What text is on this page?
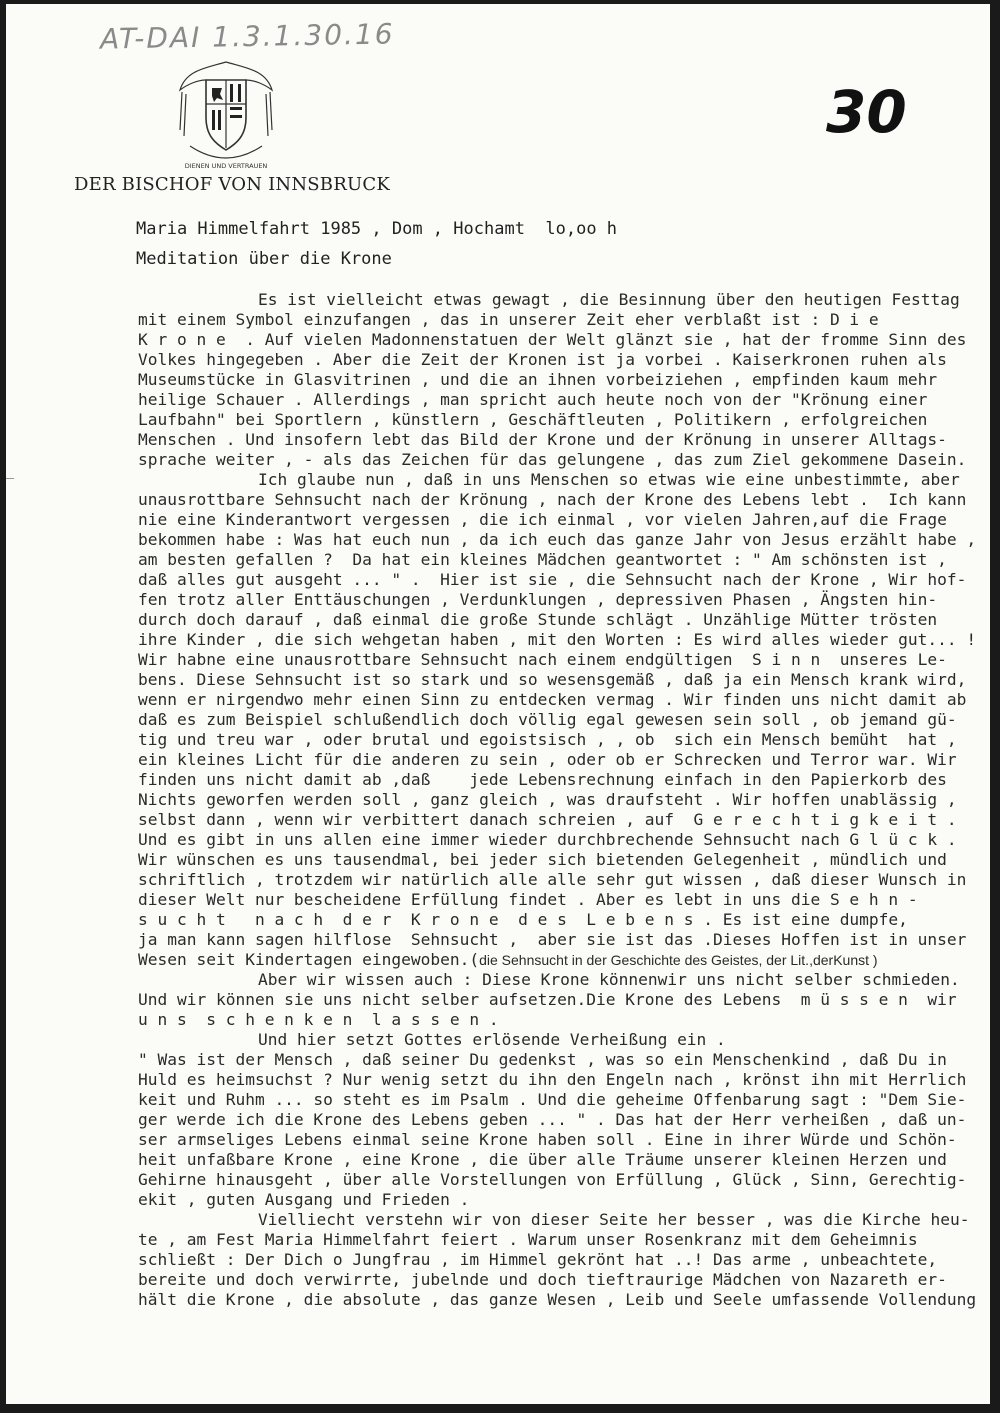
AT-DAI 1.3.1.30.16
30
DIENEN UND VERTRAUEN
DER BISCHOF VON INNSBRUCK
Maria Himmelfahrt 1985 , Dom , Hochamt  lo,oo h
Meditation über die Krone
Es ist vielleicht etwas gewagt , die Besinnung über den heutigen Festtag
mit einem Symbol einzufangen , das in unserer Zeit eher verblaßt ist : D i e
K r o n e  . Auf vielen Madonnenstatuen der Welt glänzt sie , hat der fromme Sinn des
Volkes hingegeben . Aber die Zeit der Kronen ist ja vorbei . Kaiserkronen ruhen als
Museumstücke in Glasvitrinen , und die an ihnen vorbeiziehen , empfinden kaum mehr
heilige Schauer . Allerdings , man spricht auch heute noch von der "Krönung einer
Laufbahn" bei Sportlern , künstlern , Geschäftleuten , Politikern , erfolgreichen
Menschen . Und insofern lebt das Bild der Krone und der Krönung in unserer Alltags-
sprache weiter , - als das Zeichen für das gelungene , das zum Ziel gekommene Dasein.
Ich glaube nun , daß in uns Menschen so etwas wie eine unbestimmte, aber
unausrottbare Sehnsucht nach der Krönung , nach der Krone des Lebens lebt .  Ich kann
nie eine Kinderantwort vergessen , die ich einmal , vor vielen Jahren,auf die Frage
bekommen habe : Was hat euch nun , da ich euch das ganze Jahr von Jesus erzählt habe ,
am besten gefallen ?  Da hat ein kleines Mädchen geantwortet : " Am schönsten ist ,
daß alles gut ausgeht ... " .  Hier ist sie , die Sehnsucht nach der Krone , Wir hof-
fen trotz aller Enttäuschungen , Verdunklungen , depressiven Phasen , Ängsten hin-
durch doch darauf , daß einmal die große Stunde schlägt . Unzählige Mütter trösten
ihre Kinder , die sich wehgetan haben , mit den Worten : Es wird alles wieder gut... !
Wir habne eine unausrottbare Sehnsucht nach einem endgültigen  S i n n  unseres Le-
bens. Diese Sehnsucht ist so stark und so wesensgemäß , daß ja ein Mensch krank wird,
wenn er nirgendwo mehr einen Sinn zu entdecken vermag . Wir finden uns nicht damit ab
daß es zum Beispiel schlußendlich doch völlig egal gewesen sein soll , ob jemand gü-
tig und treu war , oder brutal und egoistsisch , , ob  sich ein Mensch bemüht  hat ,
ein kleines Licht für die anderen zu sein , oder ob er Schrecken und Terror war. Wir
finden uns nicht damit ab ,daß    jede Lebensrechnung einfach in den Papierkorb des
Nichts geworfen werden soll , ganz gleich , was draufsteht . Wir hoffen unablässig ,
selbst dann , wenn wir verbittert danach schreien , auf  G e r e c h t i g k e i t .
Und es gibt in uns allen eine immer wieder durchbrechende Sehnsucht nach G l ü c k .
Wir wünschen es uns tausendmal, bei jeder sich bietenden Gelegenheit , mündlich und
schriftlich , trotzdem wir natürlich alle alle sehr gut wissen , daß dieser Wunsch in
dieser Welt nur bescheidene Erfüllung findet . Aber es lebt in uns die S e h n -
s u c h t   n a c h  d e r  K r o n e  d e s  L e b e n s . Es ist eine dumpfe,
ja man kann sagen hilflose  Sehnsucht ,  aber sie ist das .Dieses Hoffen ist in unser
Wesen seit Kindertagen eingewoben.(die Sehnsucht in der Geschichte des Geistes, der Lit.,derKunst )
Aber wir wissen auch : Diese Krone könnenwir uns nicht selber schmieden.
Und wir können sie uns nicht selber aufsetzen.Die Krone des Lebens  m ü s s e n  wir
u n s  s c h e n k e n  l a s s e n .
Und hier setzt Gottes erlösende Verheißung ein .
" Was ist der Mensch , daß seiner Du gedenkst , was so ein Menschenkind , daß Du in
Huld es heimsuchst ? Nur wenig setzt du ihn den Engeln nach , krönst ihn mit Herrlich
keit und Ruhm ... so steht es im Psalm . Und die geheime Offenbarung sagt : "Dem Sie-
ger werde ich die Krone des Lebens geben ... " . Das hat der Herr verheißen , daß un-
ser armseliges Lebens einmal seine Krone haben soll . Eine in ihrer Würde und Schön-
heit unfaßbare Krone , eine Krone , die über alle Träume unserer kleinen Herzen und
Gehirne hinausgeht , über alle Vorstellungen von Erfüllung , Glück , Sinn, Gerechtig-
ekit , guten Ausgang und Frieden .
Vielliecht verstehn wir von dieser Seite her besser , was die Kirche heu-
te , am Fest Maria Himmelfahrt feiert . Warum unser Rosenkranz mit dem Geheimnis
schließt : Der Dich o Jungfrau , im Himmel gekrönt hat ..! Das arme , unbeachtete,
bereite und doch verwirrte, jubelnde und doch tieftraurige Mädchen von Nazareth er-
hält die Krone , die absolute , das ganze Wesen , Leib und Seele umfassende Vollendung
